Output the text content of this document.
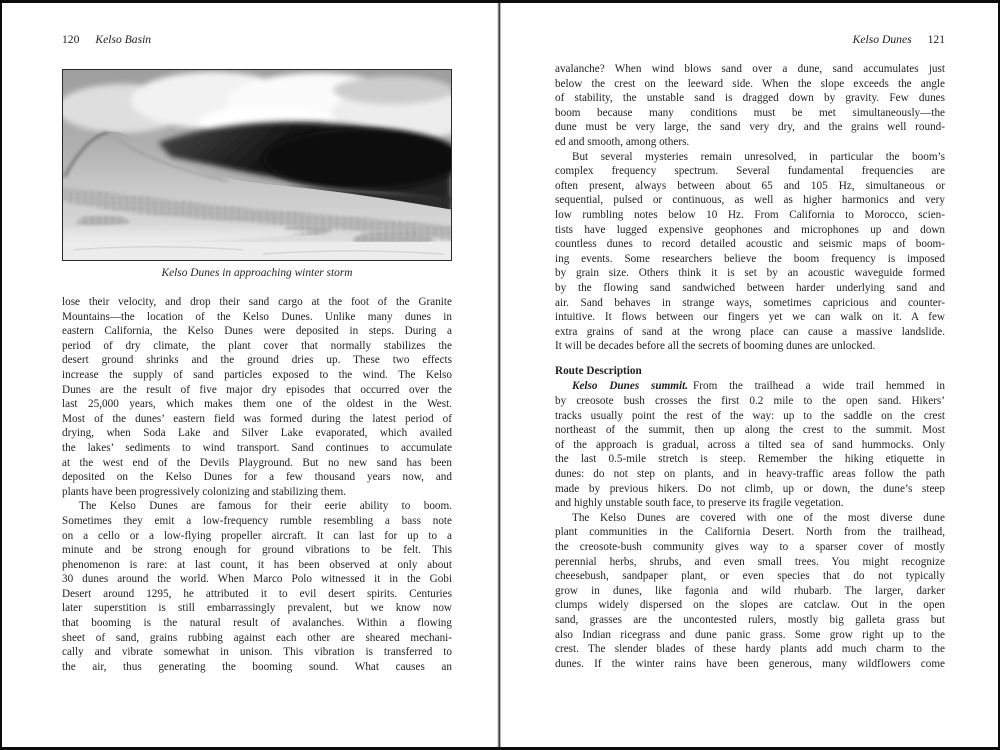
120 Kelso Basin
Kelso Dunes in approaching winter storm
lose their velocity, and drop their sand cargo at the foot of the Granite
Mountains—the location of the Kelso Dunes. Unlike many dunes in
eastern California, the Kelso Dunes were deposited in steps. During a
period of dry climate, the plant cover that normally stabilizes the
desert ground shrinks and the ground dries up. These two effects
increase the supply of sand particles exposed to the wind. The Kelso
Dunes are the result of five major dry episodes that occurred over the
last 25,000 years, which makes them one of the oldest in the West.
Most of the dunes’ eastern field was formed during the latest period of
drying, when Soda Lake and Silver Lake evaporated, which availed
the lakes’ sediments to wind transport. Sand continues to accumulate
at the west end of the Devils Playground. But no new sand has been
deposited on the Kelso Dunes for a few thousand years now, and
plants have been progressively colonizing and stabilizing them.
The Kelso Dunes are famous for their eerie ability to boom.
Sometimes they emit a low-frequency rumble resembling a bass note
on a cello or a low-flying propeller aircraft. It can last for up to a
minute and be strong enough for ground vibrations to be felt. This
phenomenon is rare: at last count, it has been observed at only about
30 dunes around the world. When Marco Polo witnessed it in the Gobi
Desert around 1295, he attributed it to evil desert spirits. Centuries
later superstition is still embarrassingly prevalent, but we know now
that booming is the natural result of avalanches. Within a flowing
sheet of sand, grains rubbing against each other are sheared mechani-
cally and vibrate somewhat in unison. This vibration is transferred to
the air, thus generating the booming sound. What causes an
Kelso Dunes 121
avalanche? When wind blows sand over a dune, sand accumulates just
below the crest on the leeward side. When the slope exceeds the angle
of stability, the unstable sand is dragged down by gravity. Few dunes
boom because many conditions must be met simultaneously—the
dune must be very large, the sand very dry, and the grains well round-
ed and smooth, among others.
But several mysteries remain unresolved, in particular the boom’s
complex frequency spectrum. Several fundamental frequencies are
often present, always between about 65 and 105 Hz, simultaneous or
sequential, pulsed or continuous, as well as higher harmonics and very
low rumbling notes below 10 Hz. From California to Morocco, scien-
tists have lugged expensive geophones and microphones up and down
countless dunes to record detailed acoustic and seismic maps of boom-
ing events. Some researchers believe the boom frequency is imposed
by grain size. Others think it is set by an acoustic waveguide formed
by the flowing sand sandwiched between harder underlying sand and
air. Sand behaves in strange ways, sometimes capricious and counter-
intuitive. It flows between our fingers yet we can walk on it. A few
extra grains of sand at the wrong place can cause a massive landslide.
It will be decades before all the secrets of booming dunes are unlocked.
Route Description
Kelso Dunes summit. From the trailhead a wide trail hemmed in
by creosote bush crosses the first 0.2 mile to the open sand. Hikers’
tracks usually point the rest of the way: up to the saddle on the crest
northeast of the summit, then up along the crest to the summit. Most
of the approach is gradual, across a tilted sea of sand hummocks. Only
the last 0.5-mile stretch is steep. Remember the hiking etiquette in
dunes: do not step on plants, and in heavy-traffic areas follow the path
made by previous hikers. Do not climb, up or down, the dune’s steep
and highly unstable south face, to preserve its fragile vegetation.
The Kelso Dunes are covered with one of the most diverse dune
plant communities in the California Desert. North from the trailhead,
the creosote-bush community gives way to a sparser cover of mostly
perennial herbs, shrubs, and even small trees. You might recognize
cheesebush, sandpaper plant, or even species that do not typically
grow in dunes, like fagonia and wild rhubarb. The larger, darker
clumps widely dispersed on the slopes are catclaw. Out in the open
sand, grasses are the uncontested rulers, mostly big galleta grass but
also Indian ricegrass and dune panic grass. Some grow right up to the
crest. The slender blades of these hardy plants add much charm to the
dunes. If the winter rains have been generous, many wildflowers come
